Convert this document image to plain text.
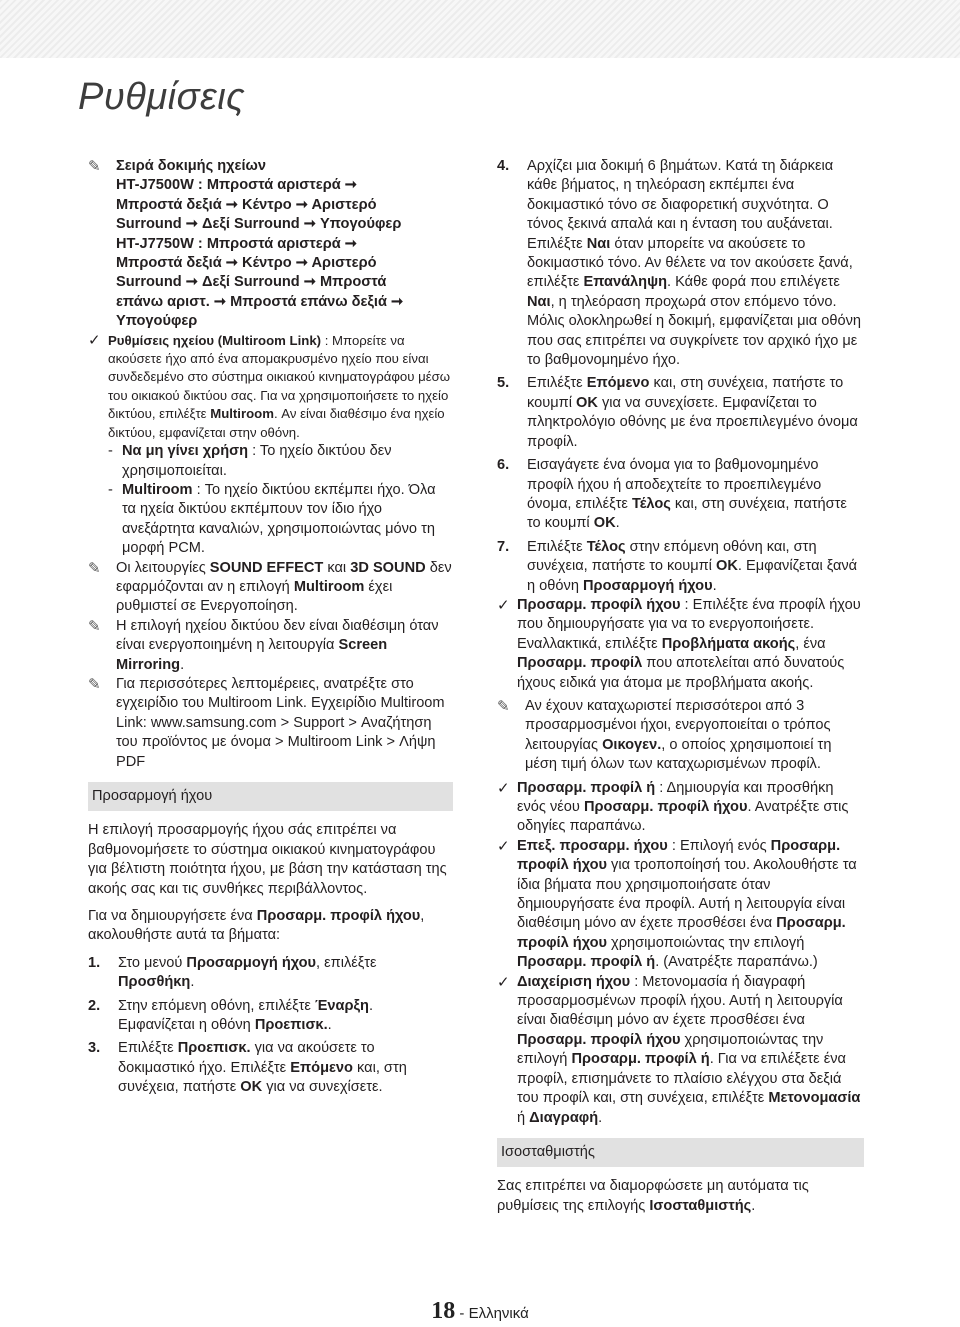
Ρυθμίσεις
✎	Σειρά δοκιμής ηχείων
HT-J7500W : Μπροστά αριστερά ➞
Μπροστά δεξιά ➞ Κέντρο ➞ Αριστερό
Surround ➞ Δεξί Surround ➞ Υπογούφερ
HT-J7750W : Μπροστά αριστερά ➞
Μπροστά δεξιά ➞ Κέντρο ➞ Αριστερό
Surround ➞ Δεξί Surround ➞ Μπροστά
επάνω αριστ. ➞ Μπροστά επάνω δεξιά ➞
Υπογούφερ
✓ Ρυθμίσεις ηχείου (Multiroom Link) : Μπορείτε να ακούσετε ήχο από ένα απομακρυσμένο ηχείο που είναι συνδεδεμένο στο σύστημα οικιακού κινηματογράφου μέσω του οικιακού δικτύου σας. Για να χρησιμοποιήσετε το ηχείο δικτύου, επιλέξτε Multiroom. Αν είναι διαθέσιμο ένα ηχείο δικτύου, εμφανίζεται στην οθόνη.
- Να μη γίνει χρήση : Το ηχείο δικτύου δεν χρησιμοποιείται.
- Multiroom : Το ηχείο δικτύου εκπέμπει ήχο. Όλα τα ηχεία δικτύου εκπέμπουν τον ίδιο ήχο ανεξάρτητα καναλιών, χρησιμοποιώντας μόνο τη μορφή PCM.
✎	Οι λειτουργίες SOUND EFFECT και 3D SOUND δεν εφαρμόζονται αν η επιλογή Multiroom έχει ρυθμιστεί σε Ενεργοποίηση.
✎	Η επιλογή ηχείου δικτύου δεν είναι διαθέσιμη όταν είναι ενεργοποιημένη η λειτουργία Screen Mirroring.
✎	Για περισσότερες λεπτομέρειες, ανατρέξτε στο εγχειρίδιο του Multiroom Link. Εγχειρίδιο Multiroom Link: www.samsung.com > Support > Αναζήτηση του προϊόντος με όνομα > Multiroom Link > Λήψη PDF
Προσαρμογή ήχου
Η επιλογή προσαρμογής ήχου σάς επιτρέπει να βαθμονομήσετε το σύστημα οικιακού κινηματογράφου για βέλτιστη ποιότητα ήχου, με βάση την κατάσταση της ακοής σας και τις συνθήκες περιβάλλοντος.
Για να δημιουργήσετε ένα Προσαρμ. προφίλ ήχου, ακολουθήστε αυτά τα βήματα:
1. Στο μενού Προσαρμογή ήχου, επιλέξτε Προσθήκη.
2. Στην επόμενη οθόνη, επιλέξτε Έναρξη. Εμφανίζεται η οθόνη Προεπισκ..
3. Επιλέξτε Προεπισκ. για να ακούσετε το δοκιμαστικό ήχο. Επιλέξτε Επόμενο και, στη συνέχεια, πατήστε OK για να συνεχίσετε.
4. Αρχίζει μια δοκιμή 6 βημάτων. Κατά τη διάρκεια κάθε βήματος, η τηλεόραση εκπέμπει ένα δοκιμαστικό τόνο σε διαφορετική συχνότητα. Ο τόνος ξεκινά απαλά και η ένταση του αυξάνεται. Επιλέξτε Ναι όταν μπορείτε να ακούσετε το δοκιμαστικό τόνο. Αν θέλετε να τον ακούσετε ξανά, επιλέξτε Επανάληψη. Κάθε φορά που επιλέγετε Ναι, η τηλεόραση προχωρά στον επόμενο τόνο. Μόλις ολοκληρωθεί η δοκιμή, εμφανίζεται μια οθόνη που σας επιτρέπει να συγκρίνετε τον αρχικό ήχο με το βαθμονομημένο ήχο.
5. Επιλέξτε Επόμενο και, στη συνέχεια, πατήστε το κουμπί OK για να συνεχίσετε. Εμφανίζεται το πληκτρολόγιο οθόνης με ένα προεπιλεγμένο όνομα προφίλ.
6. Εισαγάγετε ένα όνομα για το βαθμονομημένο προφίλ ήχου ή αποδεχτείτε το προεπιλεγμένο όνομα, επιλέξτε Τέλος και, στη συνέχεια, πατήστε το κουμπί OK.
7. Επιλέξτε Τέλος στην επόμενη οθόνη και, στη συνέχεια, πατήστε το κουμπί OK. Εμφανίζεται ξανά η οθόνη Προσαρμογή ήχου.
✓ Προσαρμ. προφίλ ήχου : Επιλέξτε ένα προφίλ ήχου που δημιουργήσατε για να το ενεργοποιήσετε. Εναλλακτικά, επιλέξτε Προβλήματα ακοής, ένα Προσαρμ. προφίλ που αποτελείται από δυνατούς ήχους ειδικά για άτομα με προβλήματα ακοής.
✎	Αν έχουν καταχωριστεί περισσότεροι από 3 προσαρμοσμένοι ήχοι, ενεργοποιείται ο τρόπος λειτουργίας Οικογεν., ο οποίος χρησιμοποιεί τη μέση τιμή όλων των καταχωρισμένων προφίλ.
✓ Προσαρμ. προφίλ ή : Δημιουργία και προσθήκη ενός νέου Προσαρμ. προφίλ ήχου. Ανατρέξτε στις οδηγίες παραπάνω.
✓ Επεξ. προσαρμ. ήχου : Επιλογή ενός Προσαρμ. προφίλ ήχου για τροποποίησή του. Ακολουθήστε τα ίδια βήματα που χρησιμοποιήσατε όταν δημιουργήσατε ένα προφίλ. Αυτή η λειτουργία είναι διαθέσιμη μόνο αν έχετε προσθέσει ένα Προσαρμ. προφίλ ήχου χρησιμοποιώντας την επιλογή Προσαρμ. προφίλ ή. (Ανατρέξτε παραπάνω.)
✓ Διαχείριση ήχου : Μετονομασία ή διαγραφή προσαρμοσμένων προφίλ ήχου. Αυτή η λειτουργία είναι διαθέσιμη μόνο αν έχετε προσθέσει ένα Προσαρμ. προφίλ ήχου χρησιμοποιώντας την επιλογή Προσαρμ. προφίλ ή. Για να επιλέξετε ένα προφίλ, επισημάνετε το πλαίσιο ελέγχου στα δεξιά του προφίλ και, στη συνέχεια, επιλέξτε Μετονομασία ή Διαγραφή.
Ισοσταθμιστής
Σας επιτρέπει να διαμορφώσετε μη αυτόματα τις ρυθμίσεις της επιλογής Ισοσταθμιστής.
18 - Ελληνικά
